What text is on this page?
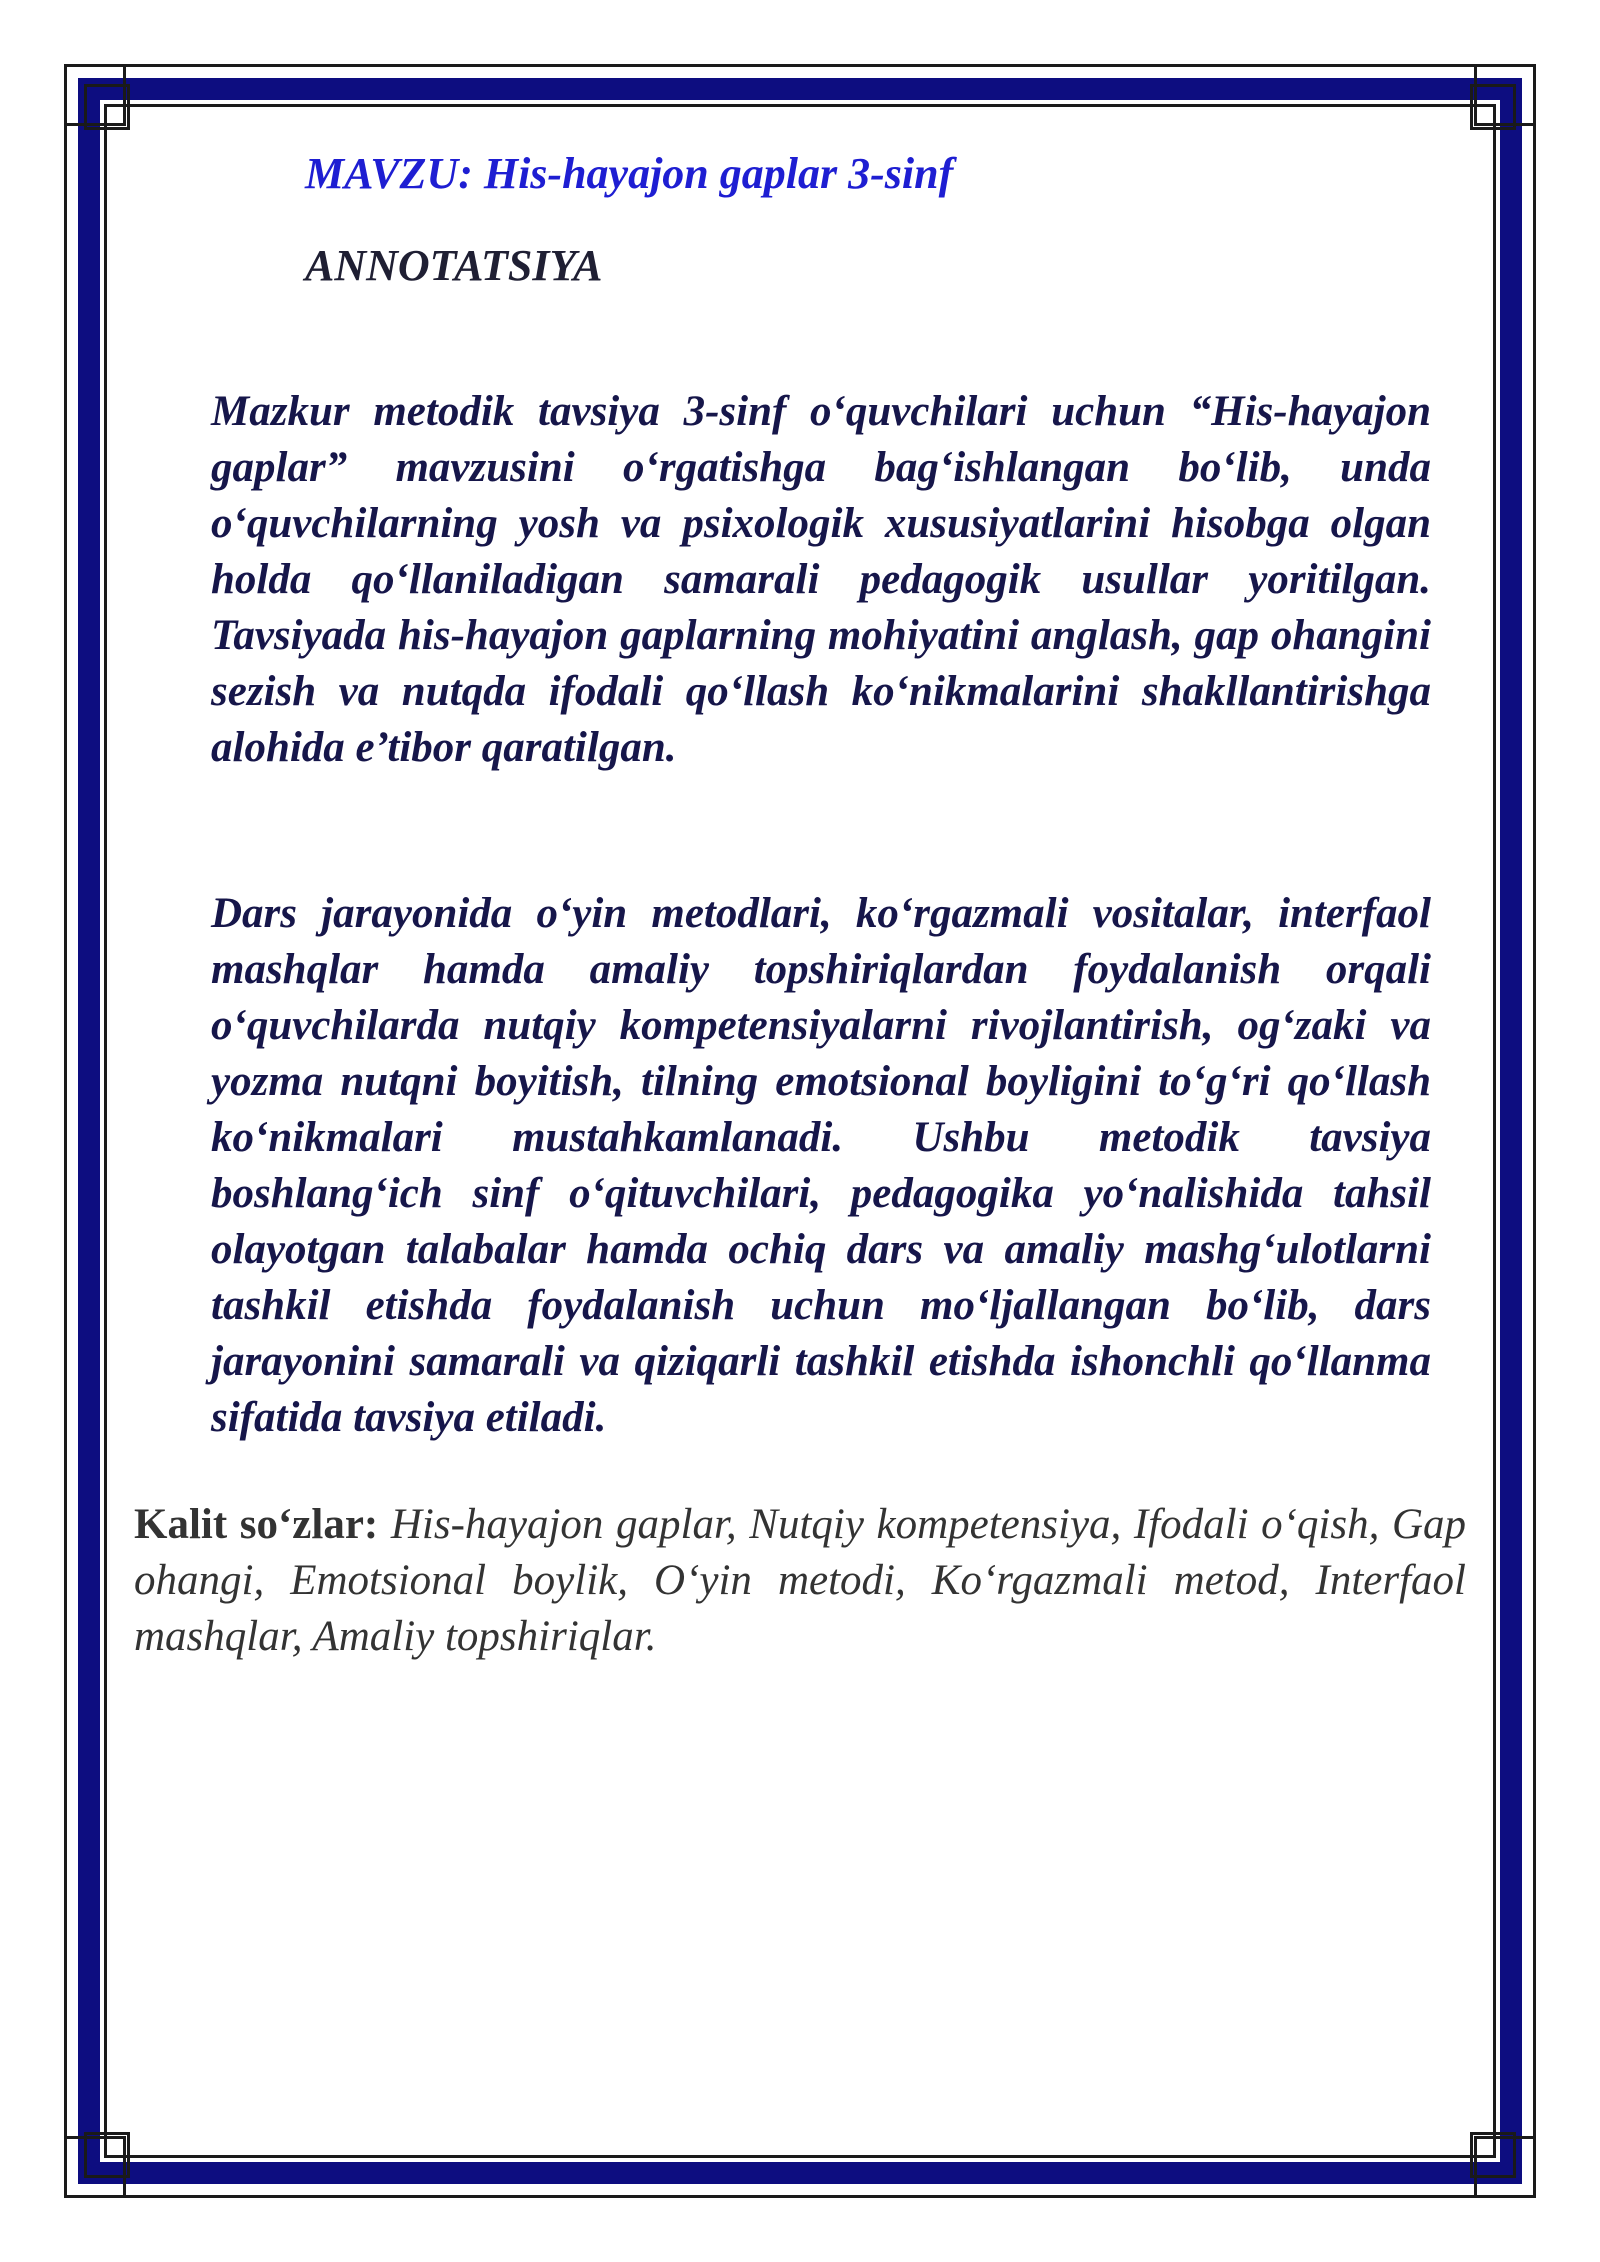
MAVZU: His-hayajon gaplar 3-sinf
ANNOTATSIYA

Mazkur metodik tavsiya 3-sinf o‘quvchilari uchun “His-hayajon gaplar” mavzusini o‘rgatishga bag‘ishlangan bo‘lib, unda o‘quvchilarning yosh va psixologik xususiyatlarini hisobga olgan holda qo‘llaniladigan samarali pedagogik usullar yoritilgan. Tavsiyada his-hayajon gaplarning mohiyatini anglash, gap ohangini sezish va nutqda ifodali qo‘llash ko‘nikmalarini shakllantirishga alohida e’tibor qaratilgan.

Dars jarayonida o‘yin metodlari, ko‘rgazmali vositalar, interfaol mashqlar hamda amaliy topshiriqlardan foydalanish orqali o‘quvchilarda nutqiy kompetensiyalarni rivojlantirish, og‘zaki va yozma nutqni boyitish, tilning emotsional boyligini to‘g‘ri qo‘llash ko‘nikmalari mustahkamlanadi. Ushbu metodik tavsiya boshlang‘ich sinf o‘qituvchilari, pedagogika yo‘nalishida tahsil olayotgan talabalar hamda ochiq dars va amaliy mashg‘ulotlarni tashkil etishda foydalanish uchun mo‘ljallangan bo‘lib, dars jarayonini samarali va qiziqarli tashkil etishda ishonchli qo‘llanma sifatida tavsiya etiladi.

Kalit so‘zlar: His-hayajon gaplar, Nutqiy kompetensiya, Ifodali o‘qish, Gap ohangi, Emotsional boylik, O‘yin metodi, Ko‘rgazmali metod, Interfaol mashqlar, Amaliy topshiriqlar.
